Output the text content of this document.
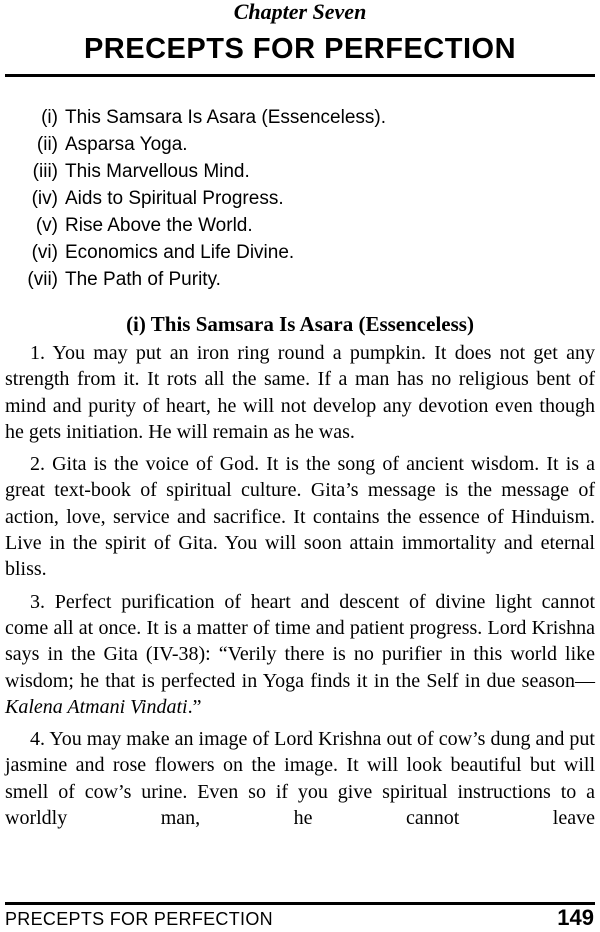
Chapter Seven
PRECEPTS FOR PERFECTION
(i) This Samsara Is Asara (Essenceless).
(ii) Asparsa Yoga.
(iii) This Marvellous Mind.
(iv) Aids to Spiritual Progress.
(v) Rise Above the World.
(vi) Economics and Life Divine.
(vii) The Path of Purity.
(i) This Samsara Is Asara (Essenceless)

1. You may put an iron ring round a pumpkin. It does not get any strength from it. It rots all the same. If a man has no religious bent of mind and purity of heart, he will not develop any devotion even though he gets initiation. He will remain as he was.

2. Gita is the voice of God. It is the song of ancient wisdom. It is a great text-book of spiritual culture. Gita’s message is the message of action, love, service and sacrifice. It contains the essence of Hinduism. Live in the spirit of Gita. You will soon attain immortality and eternal bliss.

3. Perfect purification of heart and descent of divine light cannot come all at once. It is a matter of time and patient progress. Lord Krishna says in the Gita (IV-38): “Verily there is no purifier in this world like wisdom; he that is perfected in Yoga finds it in the Self in due season—Kalena Atmani Vindati.”

4. You may make an image of Lord Krishna out of cow’s dung and put jasmine and rose flowers on the image. It will look beautiful but will smell of cow’s urine. Even so if you give spiritual instructions to a worldly man, he cannot leave

PRECEPTS FOR PERFECTION	149
